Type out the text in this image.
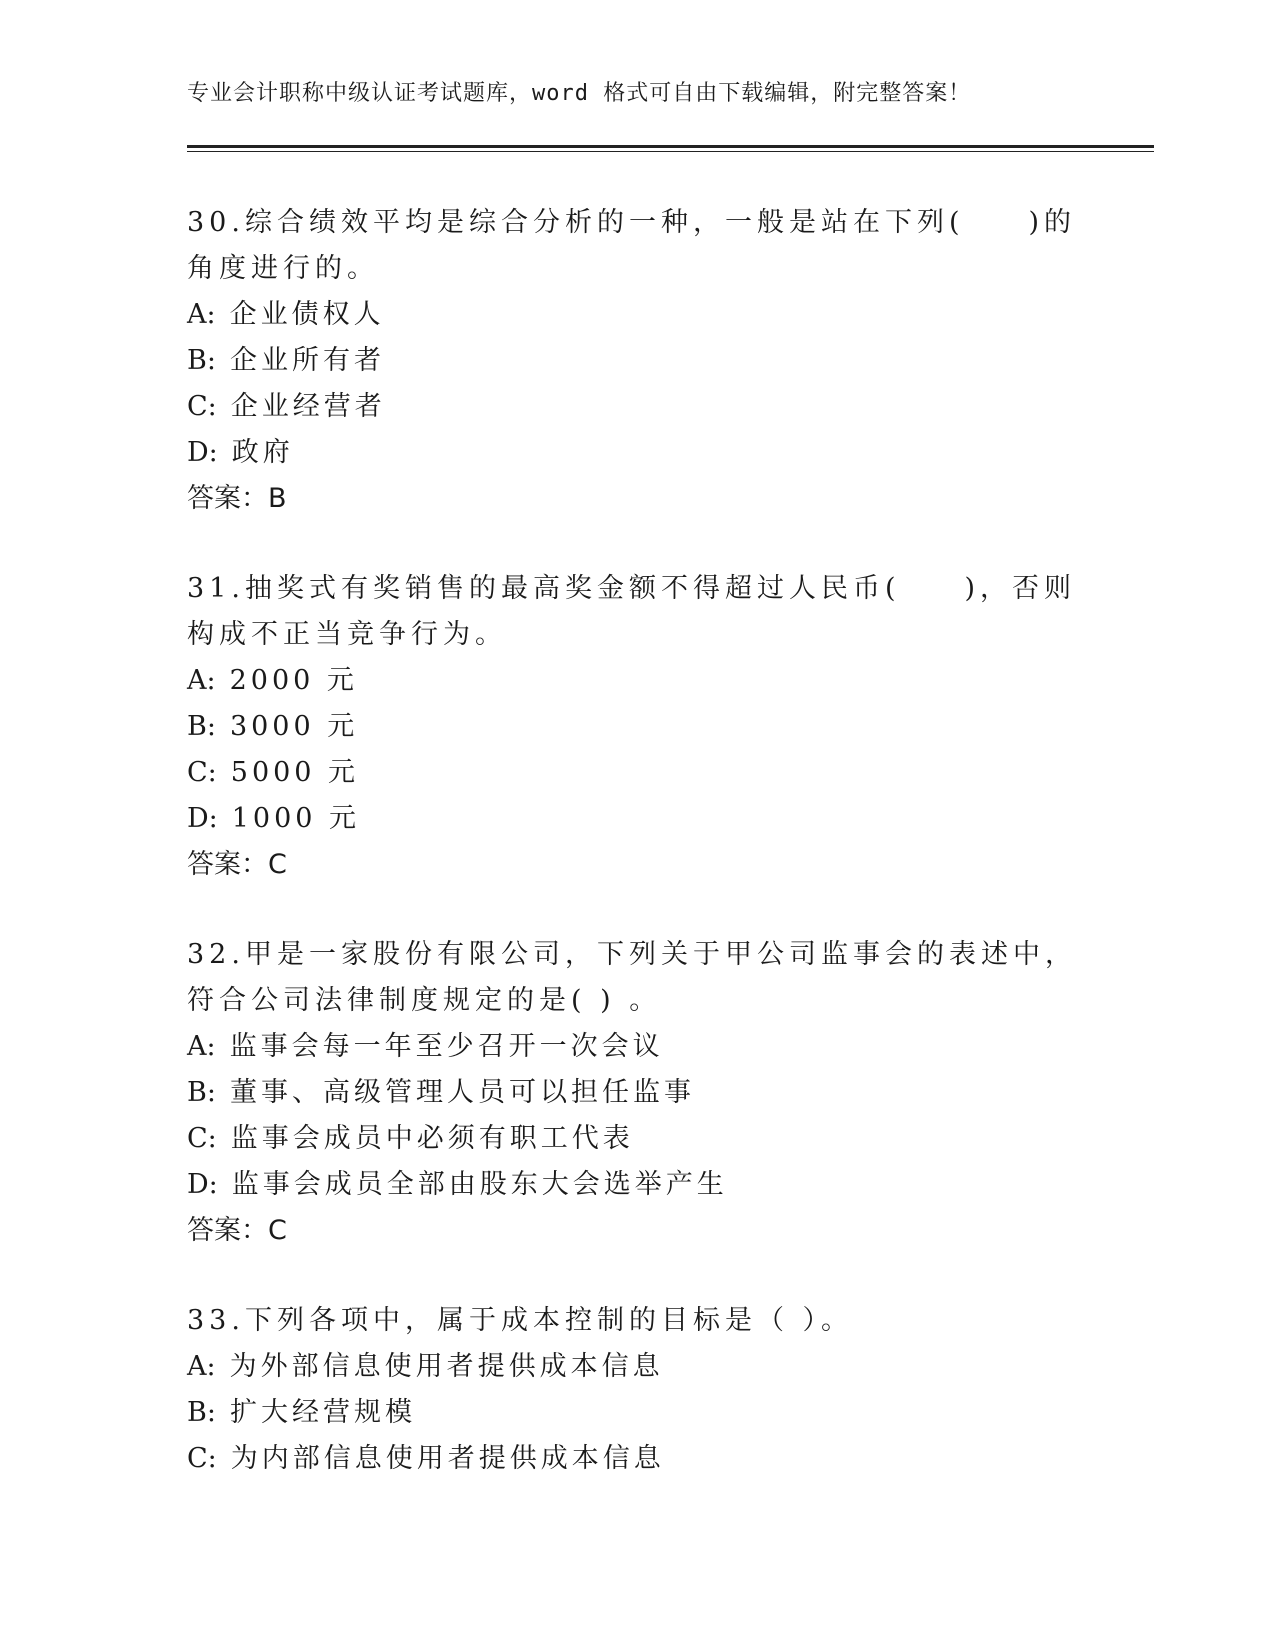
专业会计职称中级认证考试题库，word 格式可自由下载编辑，附完整答案！

30.综合绩效平均是综合分析的一种，一般是站在下列(　　)的角度进行的。

A: 企业债权人
B: 企业所有者
C: 企业经营者
D: 政府
答案：B

31.抽奖式有奖销售的最高奖金额不得超过人民币(　　)，否则构成不正当竞争行为。

A: 2000 元
B: 3000 元
C: 5000 元
D: 1000 元
答案：C

32.甲是一家股份有限公司，下列关于甲公司监事会的表述中，符合公司法律制度规定的是( ) 。

A: 监事会每一年至少召开一次会议
B: 董事、高级管理人员可以担任监事
C: 监事会成员中必须有职工代表
D: 监事会成员全部由股东大会选举产生
答案：C

33.下列各项中，属于成本控制的目标是（ ）。

A: 为外部信息使用者提供成本信息
B: 扩大经营规模
C: 为内部信息使用者提供成本信息
